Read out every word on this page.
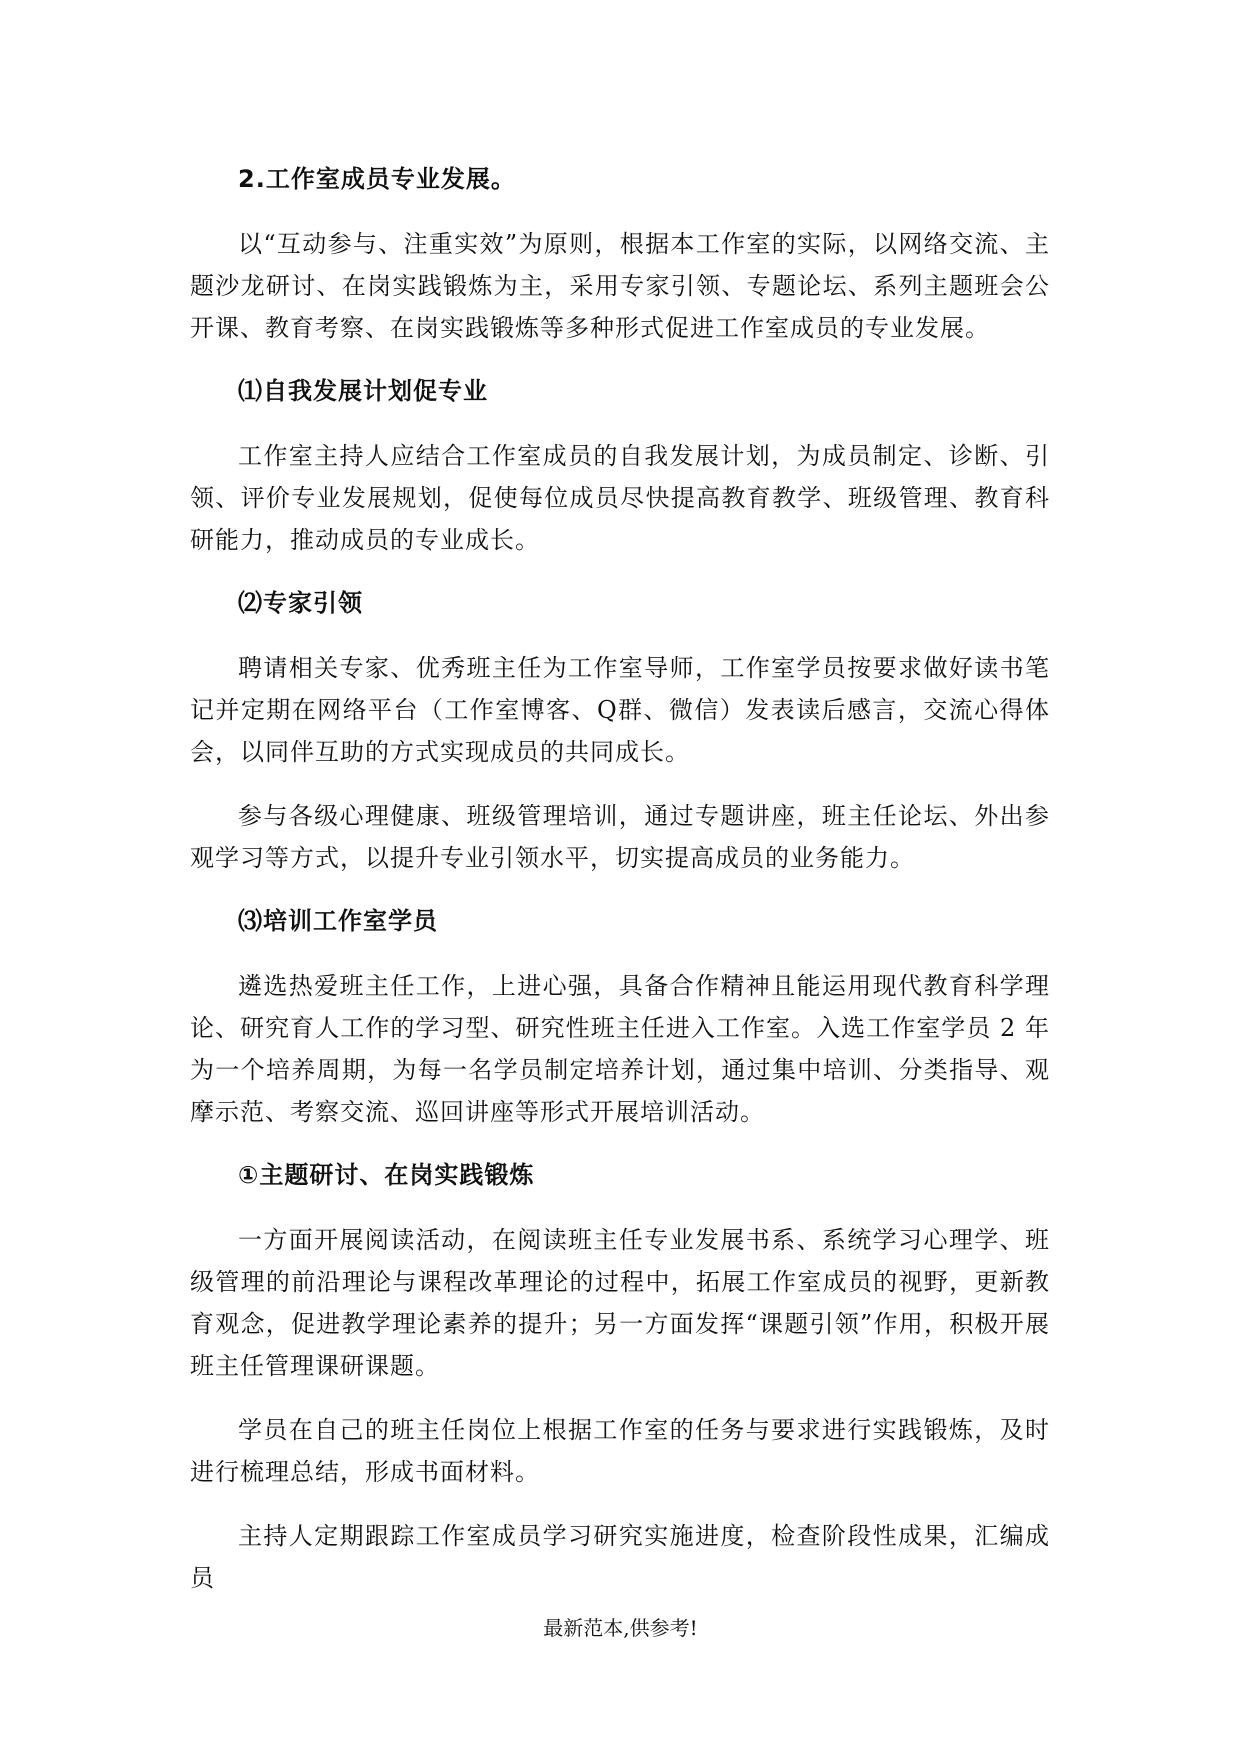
2.工作室成员专业发展。

以“互动参与、注重实效”为原则，根据本工作室的实际，以网络交流、主题沙龙研讨、在岗实践锻炼为主，采用专家引领、专题论坛、系列主题班会公开课、教育考察、在岗实践锻炼等多种形式促进工作室成员的专业发展。

⑴自我发展计划促专业

工作室主持人应结合工作室成员的自我发展计划，为成员制定、诊断、引领、评价专业发展规划，促使每位成员尽快提高教育教学、班级管理、教育科研能力，推动成员的专业成长。

⑵专家引领

聘请相关专家、优秀班主任为工作室导师，工作室学员按要求做好读书笔记并定期在网络平台（工作室博客、Q群、微信）发表读后感言，交流心得体会，以同伴互助的方式实现成员的共同成长。

参与各级心理健康、班级管理培训，通过专题讲座，班主任论坛、外出参观学习等方式，以提升专业引领水平，切实提高成员的业务能力。

⑶培训工作室学员

遴选热爱班主任工作，上进心强，具备合作精神且能运用现代教育科学理论、研究育人工作的学习型、研究性班主任进入工作室。入选工作室学员 2 年为一个培养周期，为每一名学员制定培养计划，通过集中培训、分类指导、观摩示范、考察交流、巡回讲座等形式开展培训活动。

①主题研讨、在岗实践锻炼

一方面开展阅读活动，在阅读班主任专业发展书系、系统学习心理学、班级管理的前沿理论与课程改革理论的过程中，拓展工作室成员的视野，更新教育观念，促进教学理论素养的提升；另一方面发挥“课题引领”作用，积极开展班主任管理课研课题。

学员在自己的班主任岗位上根据工作室的任务与要求进行实践锻炼，及时进行梳理总结，形成书面材料。

主持人定期跟踪工作室成员学习研究实施进度，检查阶段性成果，汇编成员

最新范本,供参考!
